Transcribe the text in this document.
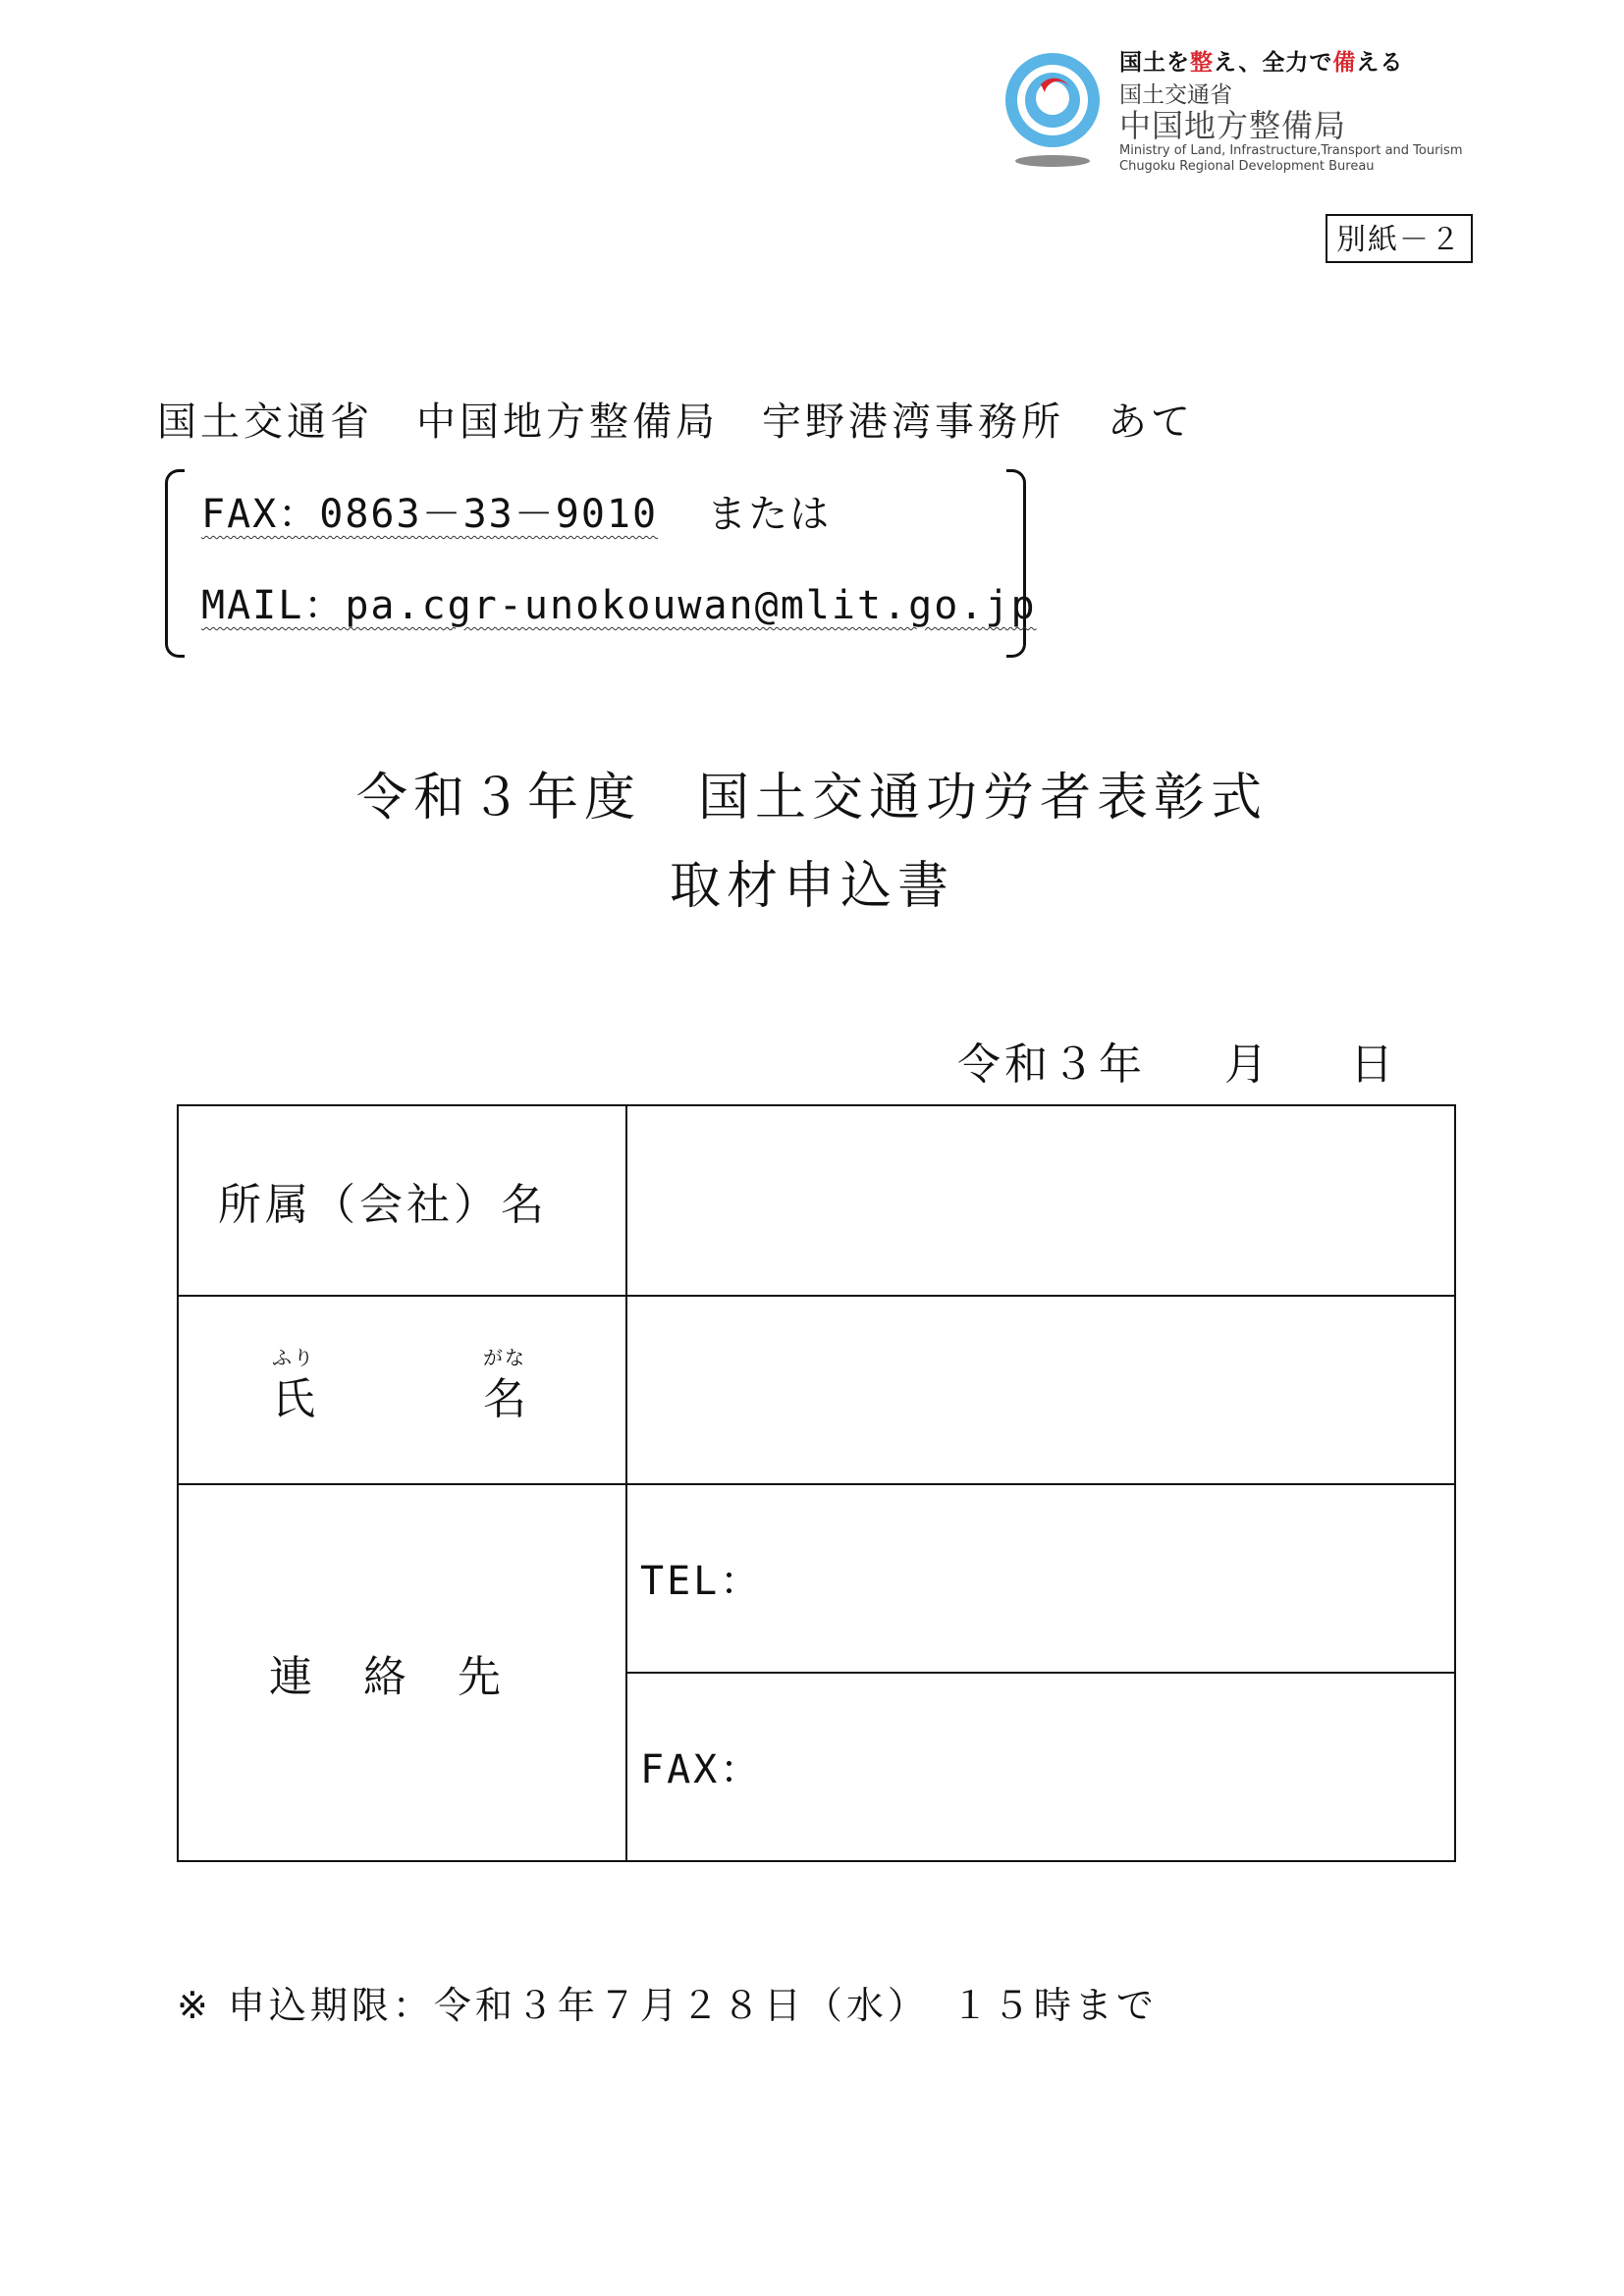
国土を整え、全力で備える
国土交通省
中国地方整備局
Ministry of Land, Infrastructure,Transport and Tourism
Chugoku Regional Development Bureau
別紙－２
国土交通省　中国地方整備局　宇野港湾事務所　あて
FAX：0863－33－9010 または
MAIL：pa.cgr-unokouwan@mlit.go.jp
令和３年度　国土交通功労者表彰式
取材申込書
令和３年 月 日
所属（会社）名
ふり
氏
がな
名
連　絡　先
TEL：
FAX：
※ 申込期限：令和３年７月２８日（水）　１５時まで
